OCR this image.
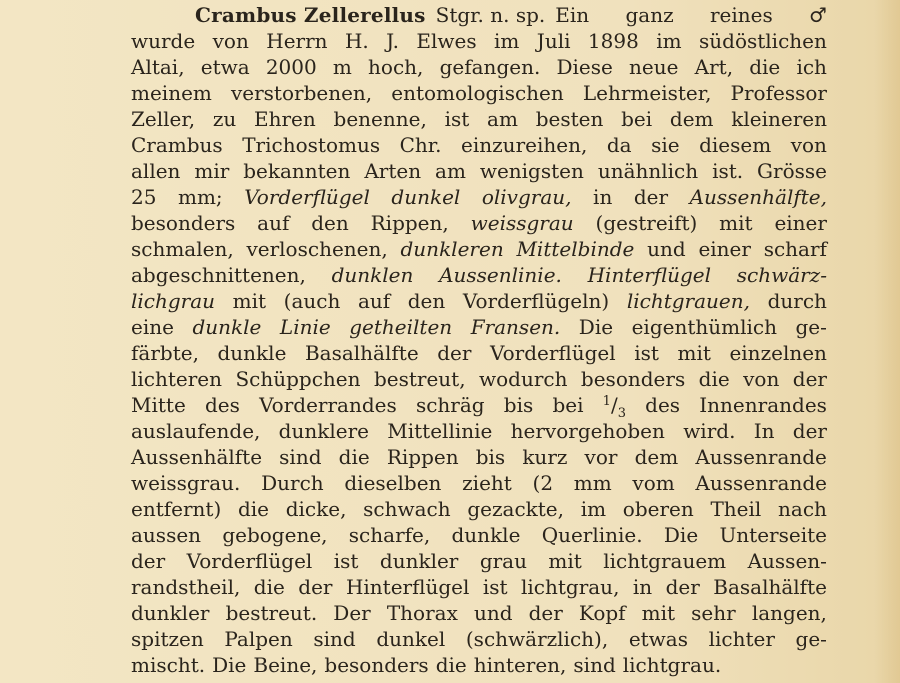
Crambus Zellerellus Stgr. n. sp. Ein ganz reines ♂
wurde von Herrn H. J. Elwes im Juli 1898 im südöstlichen
Altai, etwa 2000 m hoch, gefangen. Diese neue Art, die ich
meinem verstorbenen, entomologischen Lehrmeister, Professor
Zeller, zu Ehren benenne, ist am besten bei dem kleineren
Crambus Trichostomus Chr. einzureihen, da sie diesem von
allen mir bekannten Arten am wenigsten unähnlich ist. Grösse
25 mm; Vorderflügel dunkel olivgrau, in der Aussenhälfte,
besonders auf den Rippen, weissgrau (gestreift) mit einer
schmalen, verloschenen, dunkleren Mittelbinde und einer scharf
abgeschnittenen, dunklen Aussenlinie. Hinterflügel schwärz-
lichgrau mit (auch auf den Vorderflügeln) lichtgrauen, durch
eine dunkle Linie getheilten Fransen. Die eigenthümlich ge-
färbte, dunkle Basalhälfte der Vorderflügel ist mit einzelnen
lichteren Schüppchen bestreut, wodurch besonders die von der
Mitte des Vorderrandes schräg bis bei $^1/_3$ des Innenrandes
auslaufende, dunklere Mittellinie hervorgehoben wird. In der
Aussenhälfte sind die Rippen bis kurz vor dem Aussenrande
weissgrau. Durch dieselben zieht (2 mm vom Aussenrande
entfernt) die dicke, schwach gezackte, im oberen Theil nach
aussen gebogene, scharfe, dunkle Querlinie. Die Unterseite
der Vorderflügel ist dunkler grau mit lichtgrauem Aussen-
randstheil, die der Hinterflügel ist lichtgrau, in der Basalhälfte
dunkler bestreut. Der Thorax und der Kopf mit sehr langen,
spitzen Palpen sind dunkel (schwärzlich), etwas lichter ge-
mischt. Die Beine, besonders die hinteren, sind lichtgrau.
